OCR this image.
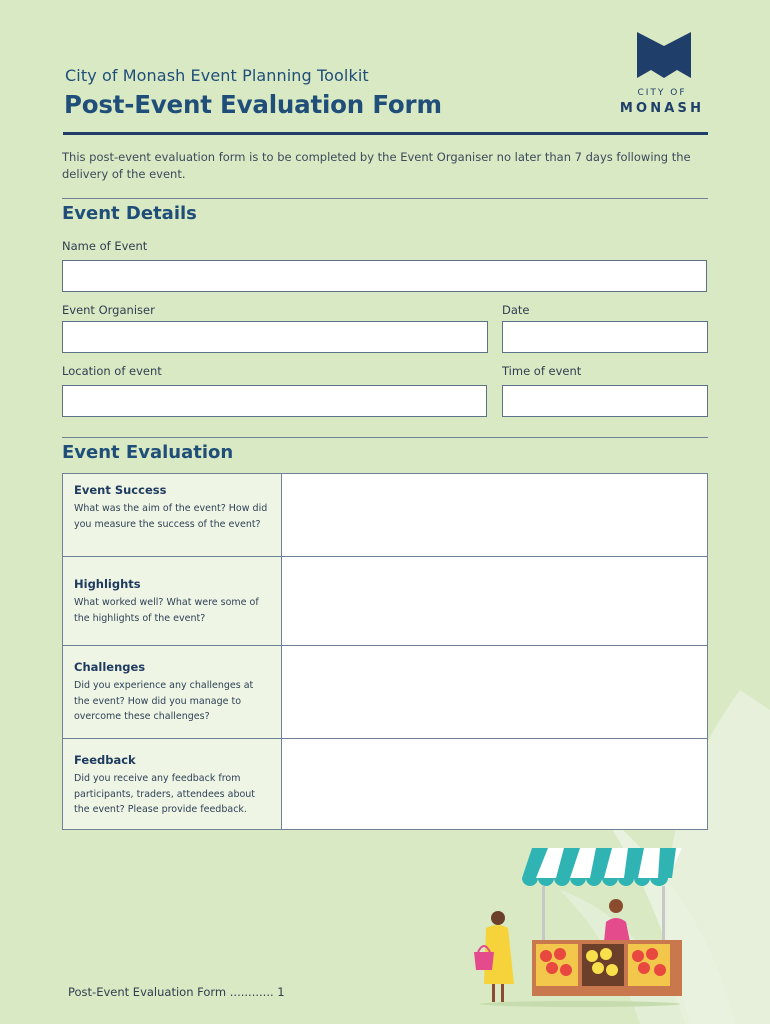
City of Monash Event Planning Toolkit
Post-Event Evaluation Form	CITY OF
MONASH
This post-event evaluation form is to be completed by the Event Organiser no later than 7 days following the delivery of the event.
Event Details
Name of Event
Event Organiser	Date
Location of event	Time of event
Event Evaluation
Event Success
What was the aim of the event? How did you measure the success of the event?
Highlights
What worked well? What were some of the highlights of the event?
Challenges
Did you experience any challenges at the event? How did you manage to overcome these challenges?
Feedback
Did you receive any feedback from participants, traders, attendees about the event? Please provide feedback.
Post-Event Evaluation Form ............ 1
